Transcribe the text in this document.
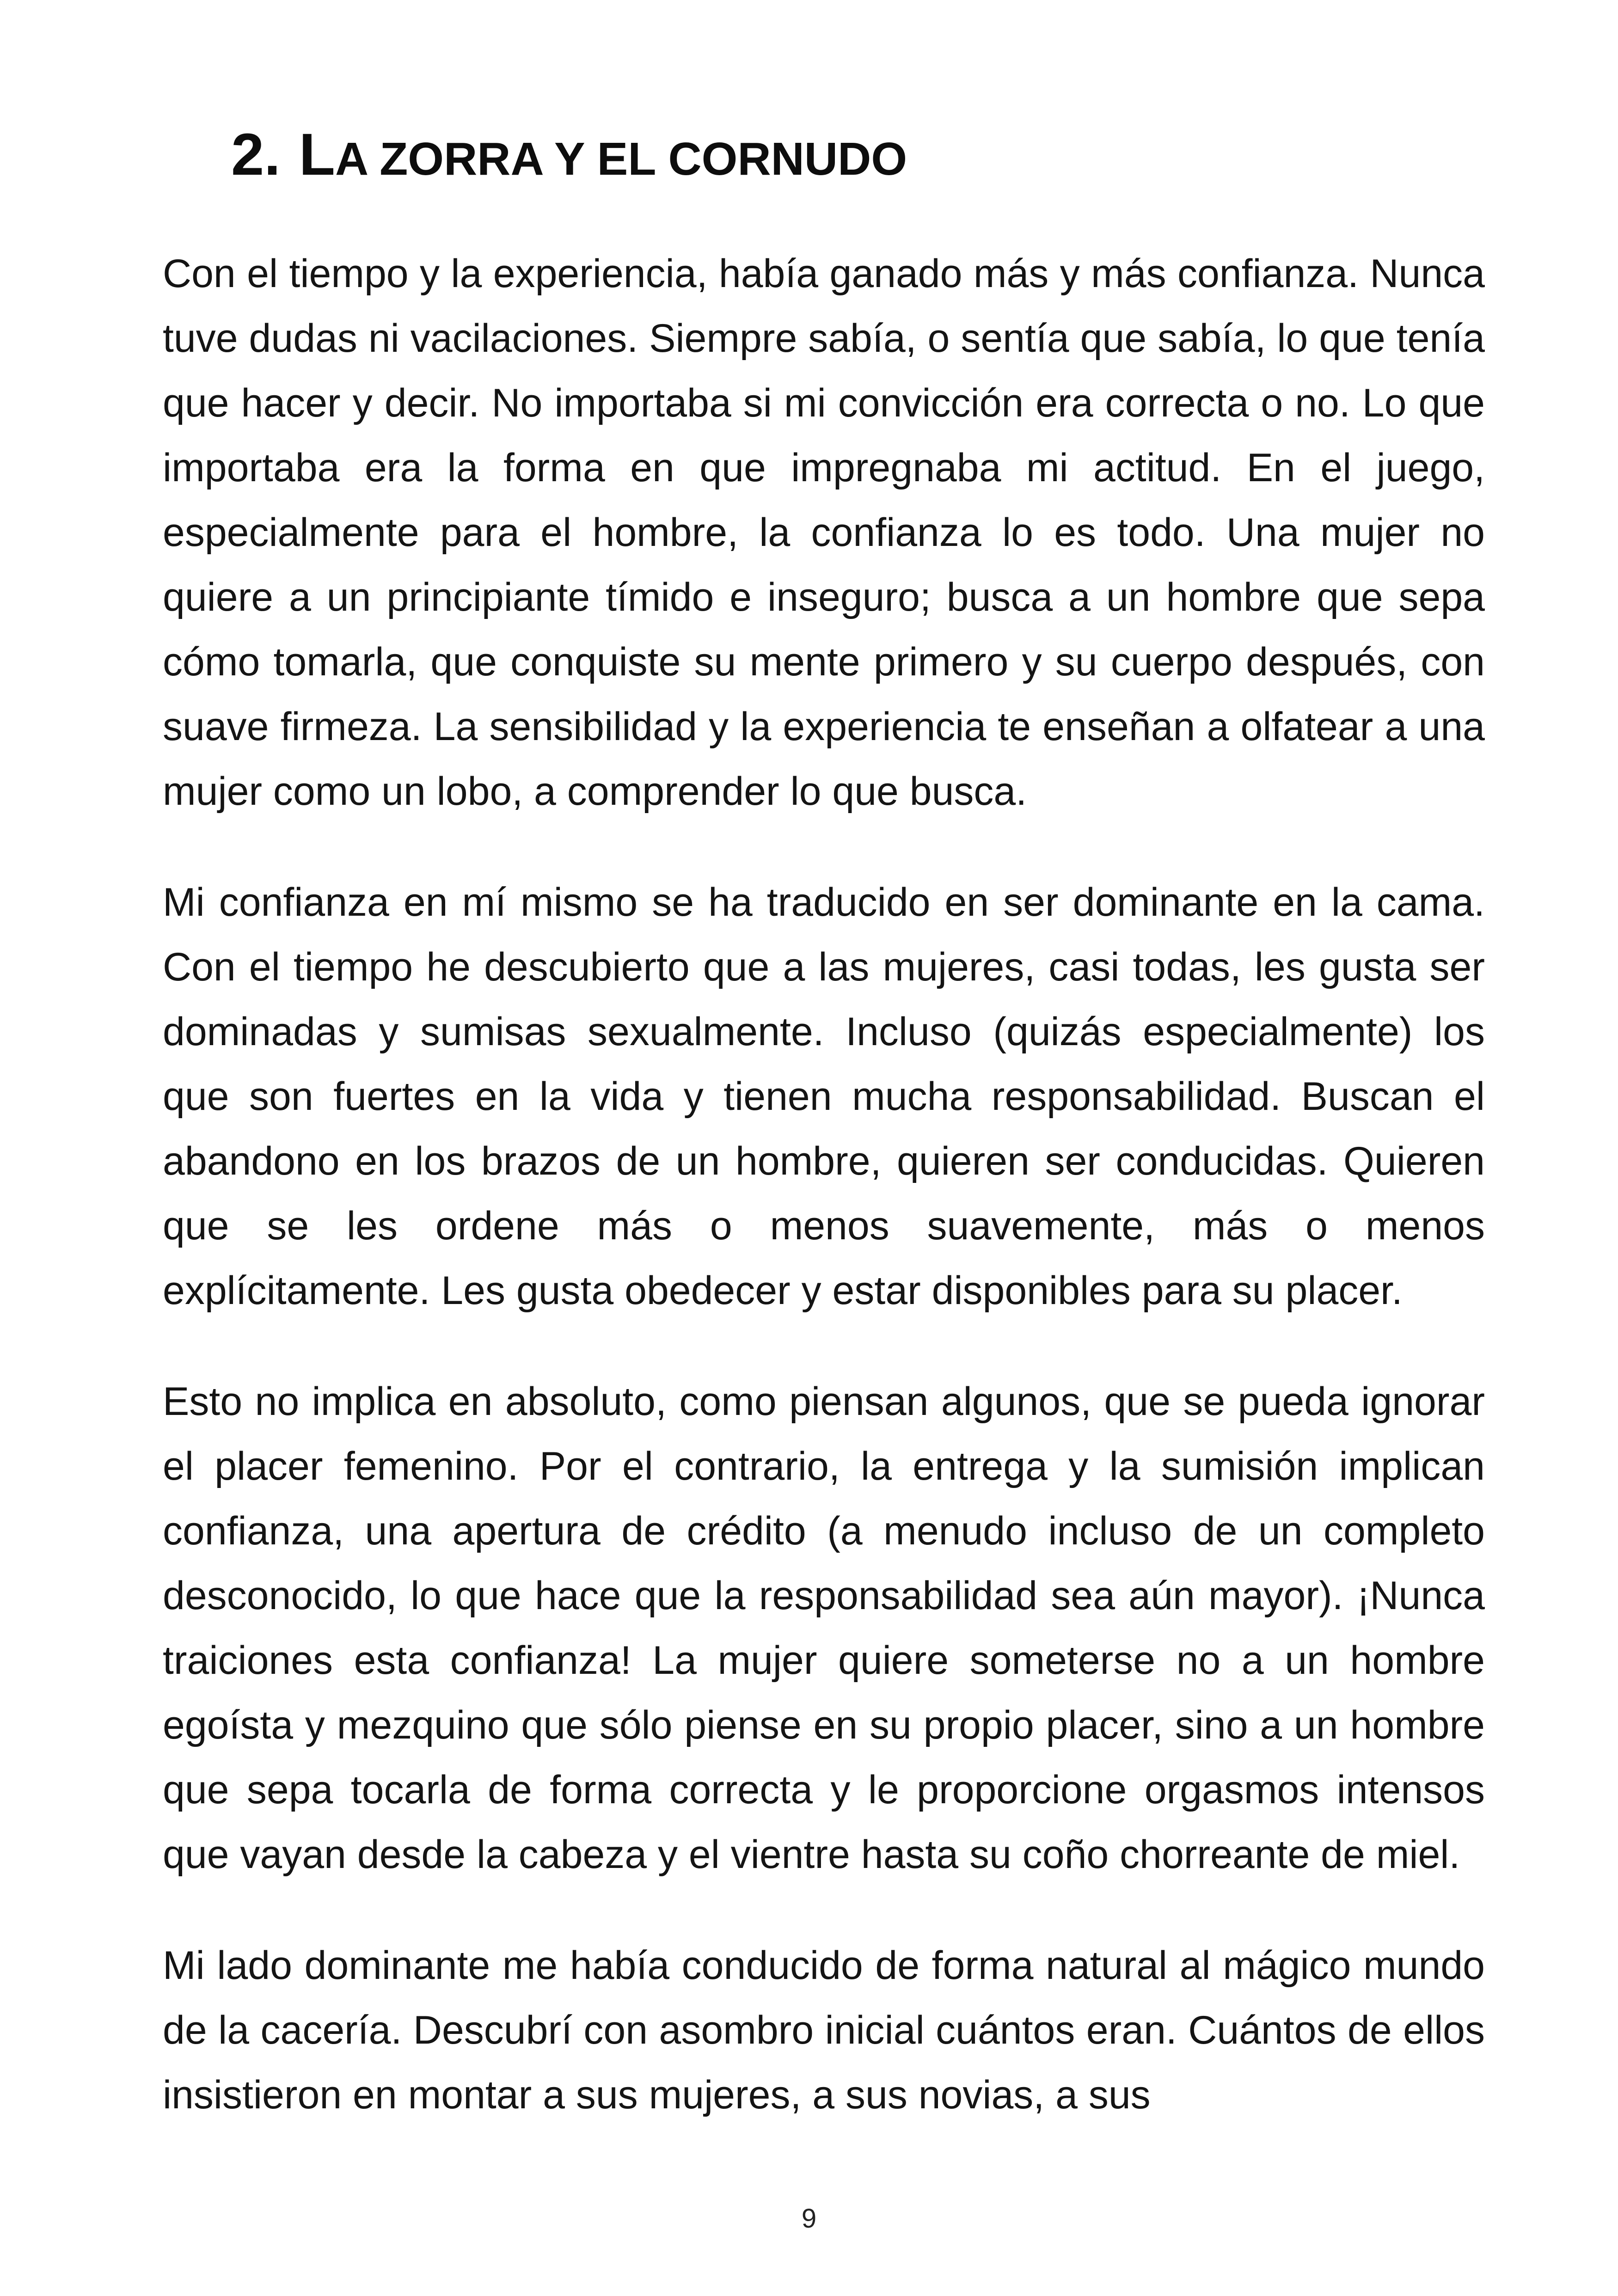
2. LA ZORRA Y EL CORNUDO

Con el tiempo y la experiencia, había ganado más y más confianza. Nunca tuve dudas ni vacilaciones. Siempre sabía, o sentía que sabía, lo que tenía que hacer y decir. No importaba si mi convicción era correcta o no. Lo que importaba era la forma en que impregnaba mi actitud. En el juego, especialmente para el hombre, la confianza lo es todo. Una mujer no quiere a un principiante tímido e inseguro; busca a un hombre que sepa cómo tomarla, que conquiste su mente primero y su cuerpo después, con suave firmeza. La sensibilidad y la experiencia te enseñan a olfatear a una mujer como un lobo, a comprender lo que busca.

Mi confianza en mí mismo se ha traducido en ser dominante en la cama. Con el tiempo he descubierto que a las mujeres, casi todas, les gusta ser dominadas y sumisas sexualmente. Incluso (quizás especialmente) los que son fuertes en la vida y tienen mucha responsabilidad. Buscan el abandono en los brazos de un hombre, quieren ser conducidas. Quieren que se les ordene más o menos suavemente, más o menos explícitamente. Les gusta obedecer y estar disponibles para su placer.

Esto no implica en absoluto, como piensan algunos, que se pueda ignorar el placer femenino. Por el contrario, la entrega y la sumisión implican confianza, una apertura de crédito (a menudo incluso de un completo desconocido, lo que hace que la responsabilidad sea aún mayor). ¡Nunca traiciones esta confianza! La mujer quiere someterse no a un hombre egoísta y mezquino que sólo piense en su propio placer, sino a un hombre que sepa tocarla de forma correcta y le proporcione orgasmos intensos que vayan desde la cabeza y el vientre hasta su coño chorreante de miel.

Mi lado dominante me había conducido de forma natural al mágico mundo de la cacería. Descubrí con asombro inicial cuántos eran. Cuántos de ellos insistieron en montar a sus mujeres, a sus novias, a sus

9
